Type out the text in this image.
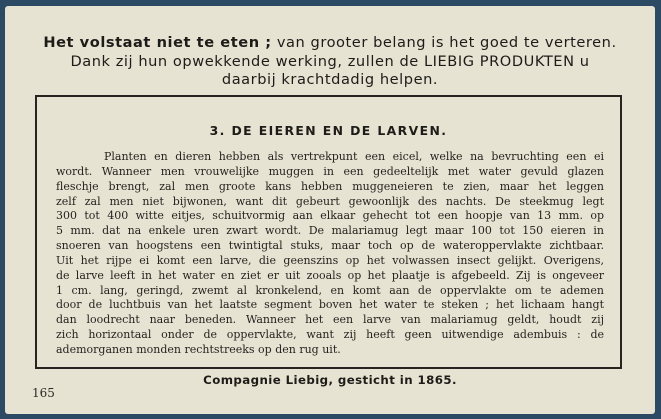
Het volstaat niet te eten ; van grooter belang is het goed te verteren.
Dank zij hun opwekkende werking, zullen de LIEBIG PRODUKTEN u
daarbij krachtdadig helpen.
3. DE EIEREN EN DE LARVEN.
Planten en dieren hebben als vertrekpunt een eicel, welke na bevruchting een ei
wordt. Wanneer men vrouwelijke muggen in een gedeeltelijk met water gevuld glazen
fleschje brengt, zal men groote kans hebben muggeneieren te zien, maar het leggen
zelf zal men niet bijwonen, want dit gebeurt gewoonlijk des nachts. De steekmug legt
300 tot 400 witte eitjes, schuitvormig aan elkaar gehecht tot een hoopje van 13 mm. op
5 mm. dat na enkele uren zwart wordt. De malariamug legt maar 100 tot 150 eieren in
snoeren van hoogstens een twintigtal stuks, maar toch op de wateroppervlakte zichtbaar.
Uit het rijpe ei komt een larve, die geenszins op het volwassen insect gelijkt. Overigens,
de larve leeft in het water en ziet er uit zooals op het plaatje is afgebeeld. Zij is ongeveer
1 cm. lang, geringd, zwemt al kronkelend, en komt aan de oppervlakte om te ademen
door de luchtbuis van het laatste segment boven het water te steken ; het lichaam hangt
dan loodrecht naar beneden. Wanneer het een larve van malariamug geldt, houdt zij
zich horizontaal onder de oppervlakte, want zij heeft geen uitwendige adembuis : de
ademorganen monden rechtstreeks op den rug uit.
Compagnie Liebig, gesticht in 1865.
165
